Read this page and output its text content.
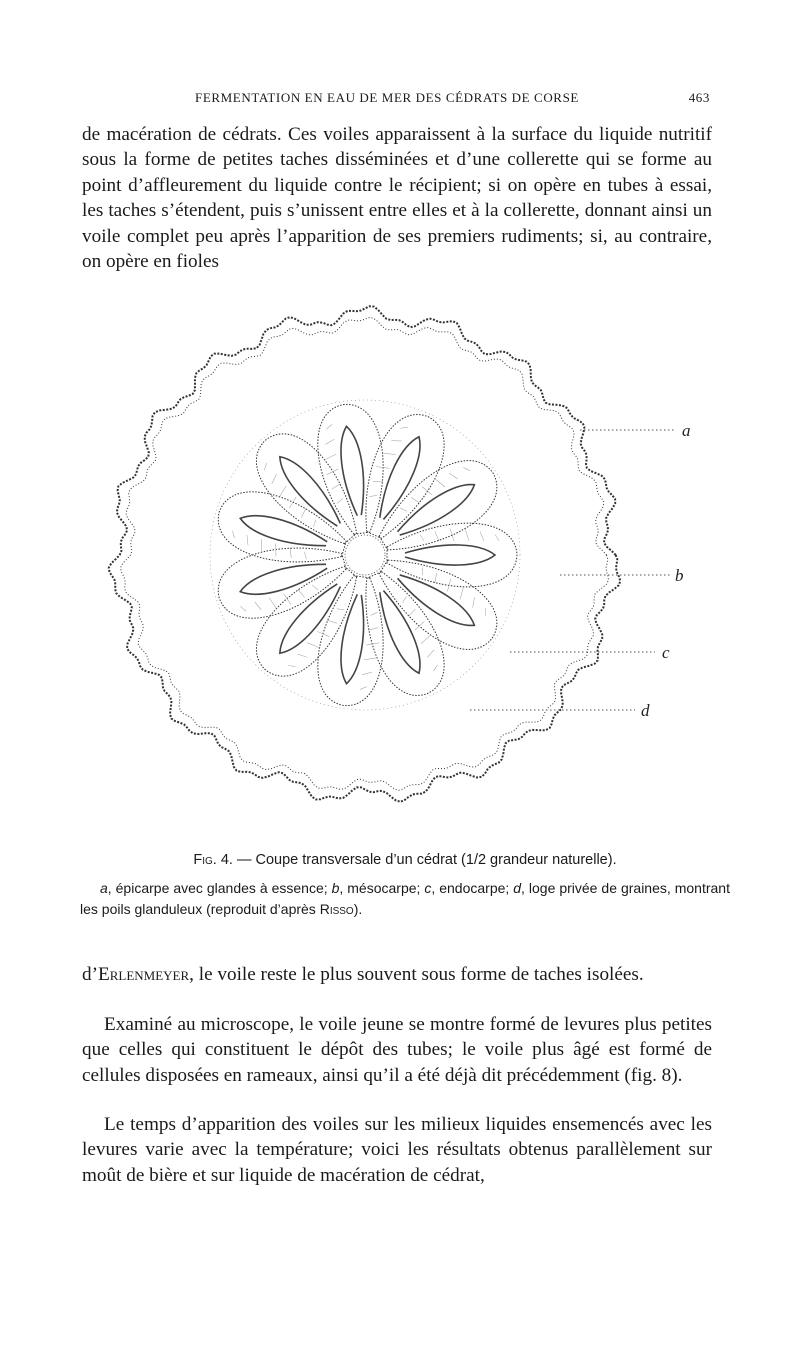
FERMENTATION EN EAU DE MER DES CÉDRATS DE CORSE	463

de macération de cédrats. Ces voiles apparaissent à la surface du liquide nutritif sous la forme de petites taches disséminées et d’une collerette qui se forme au point d’affleurement du liquide contre le récipient; si on opère en tubes à essai, les taches s’étendent, puis s’unissent entre elles et à la collerette, donnant ainsi un voile complet peu après l’apparition de ses premiers rudiments; si, au contraire, on opère en fioles

a
b
c
d
Fig. 4. — Coupe transversale d’un cédrat (1/2 grandeur naturelle).
a, épicarpe avec glandes à essence; b, mésocarpe; c, endocarpe; d, loge privée de graines, montrant les poils glanduleux (reproduit d’après Risso).

d’Erlenmeyer, le voile reste le plus souvent sous forme de taches isolées.

Examiné au microscope, le voile jeune se montre formé de levures plus petites que celles qui constituent le dépôt des tubes; le voile plus âgé est formé de cellules disposées en rameaux, ainsi qu’il a été déjà dit précédemment (fig. 8).

Le temps d’apparition des voiles sur les milieux liquides ensemencés avec les levures varie avec la température; voici les résultats obtenus parallèlement sur moût de bière et sur liquide de macération de cédrat,
